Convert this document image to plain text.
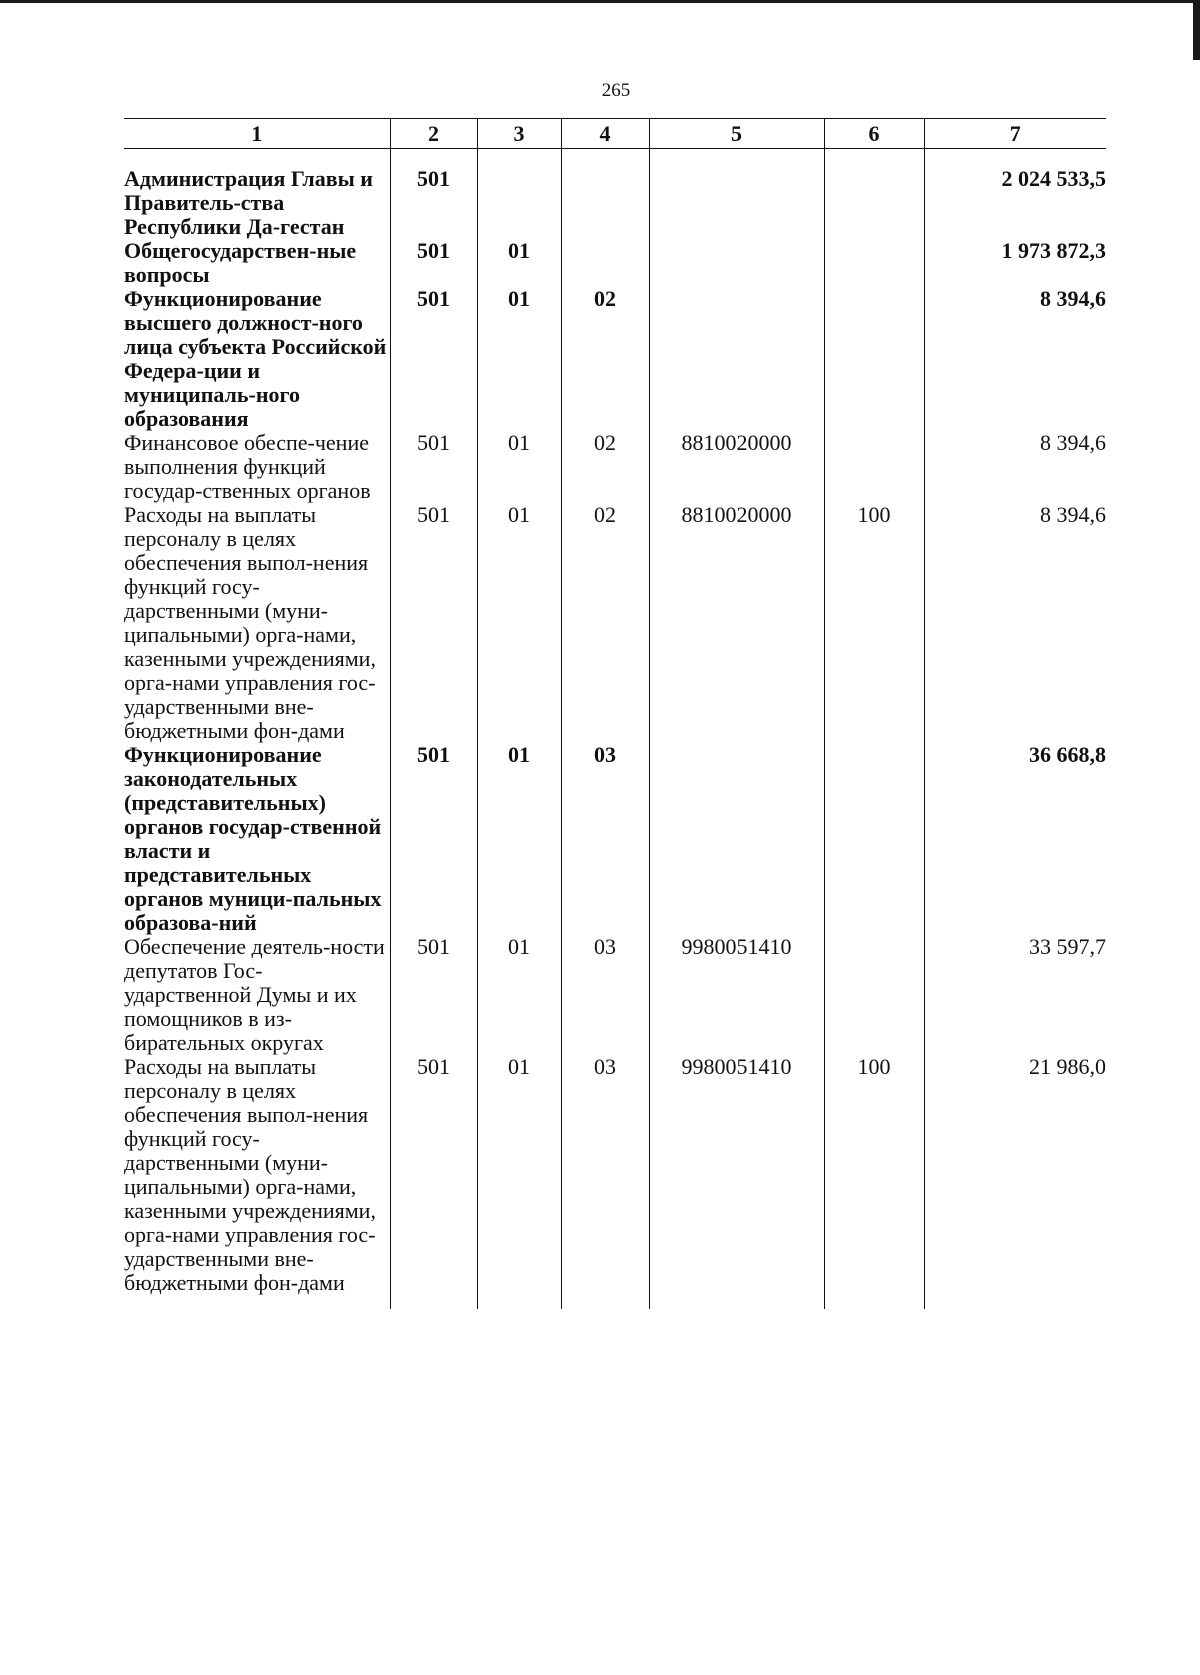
265
1	2	3	4	5	6	7

Администрация Главы и Правитель-ства Республики Да-гестан	501					2 024 533,5
Общегосударствен-ные вопросы	501	01				1 973 872,3
Функционирование высшего должност-ного лица субъекта Российской Федера-ции и муниципаль-ного образования	501	01	02			8 394,6
Финансовое обеспе-чение выполнения функций государ-ственных органов	501	01	02	8810020000		8 394,6
Расходы на выплаты персоналу в целях обеспечения выпол-нения функций госу-дарственными (муни-ципальными) орга-нами, казенными учреждениями, орга-нами управления гос-ударственными вне-бюджетными фон-дами	501	01	02	8810020000	100	8 394,6
Функционирование законодательных (представительных) органов государ-ственной власти и представительных органов муници-пальных образова-ний	501	01	03			36 668,8
Обеспечение деятель-ности депутатов Гос-ударственной Думы и их помощников в из-бирательных округах	501	01	03	9980051410		33 597,7
Расходы на выплаты персоналу в целях обеспечения выпол-нения функций госу-дарственными (муни-ципальными) орга-нами, казенными учреждениями, орга-нами управления гос-ударственными вне-бюджетными фон-дами	501	01	03	9980051410	100	21 986,0
